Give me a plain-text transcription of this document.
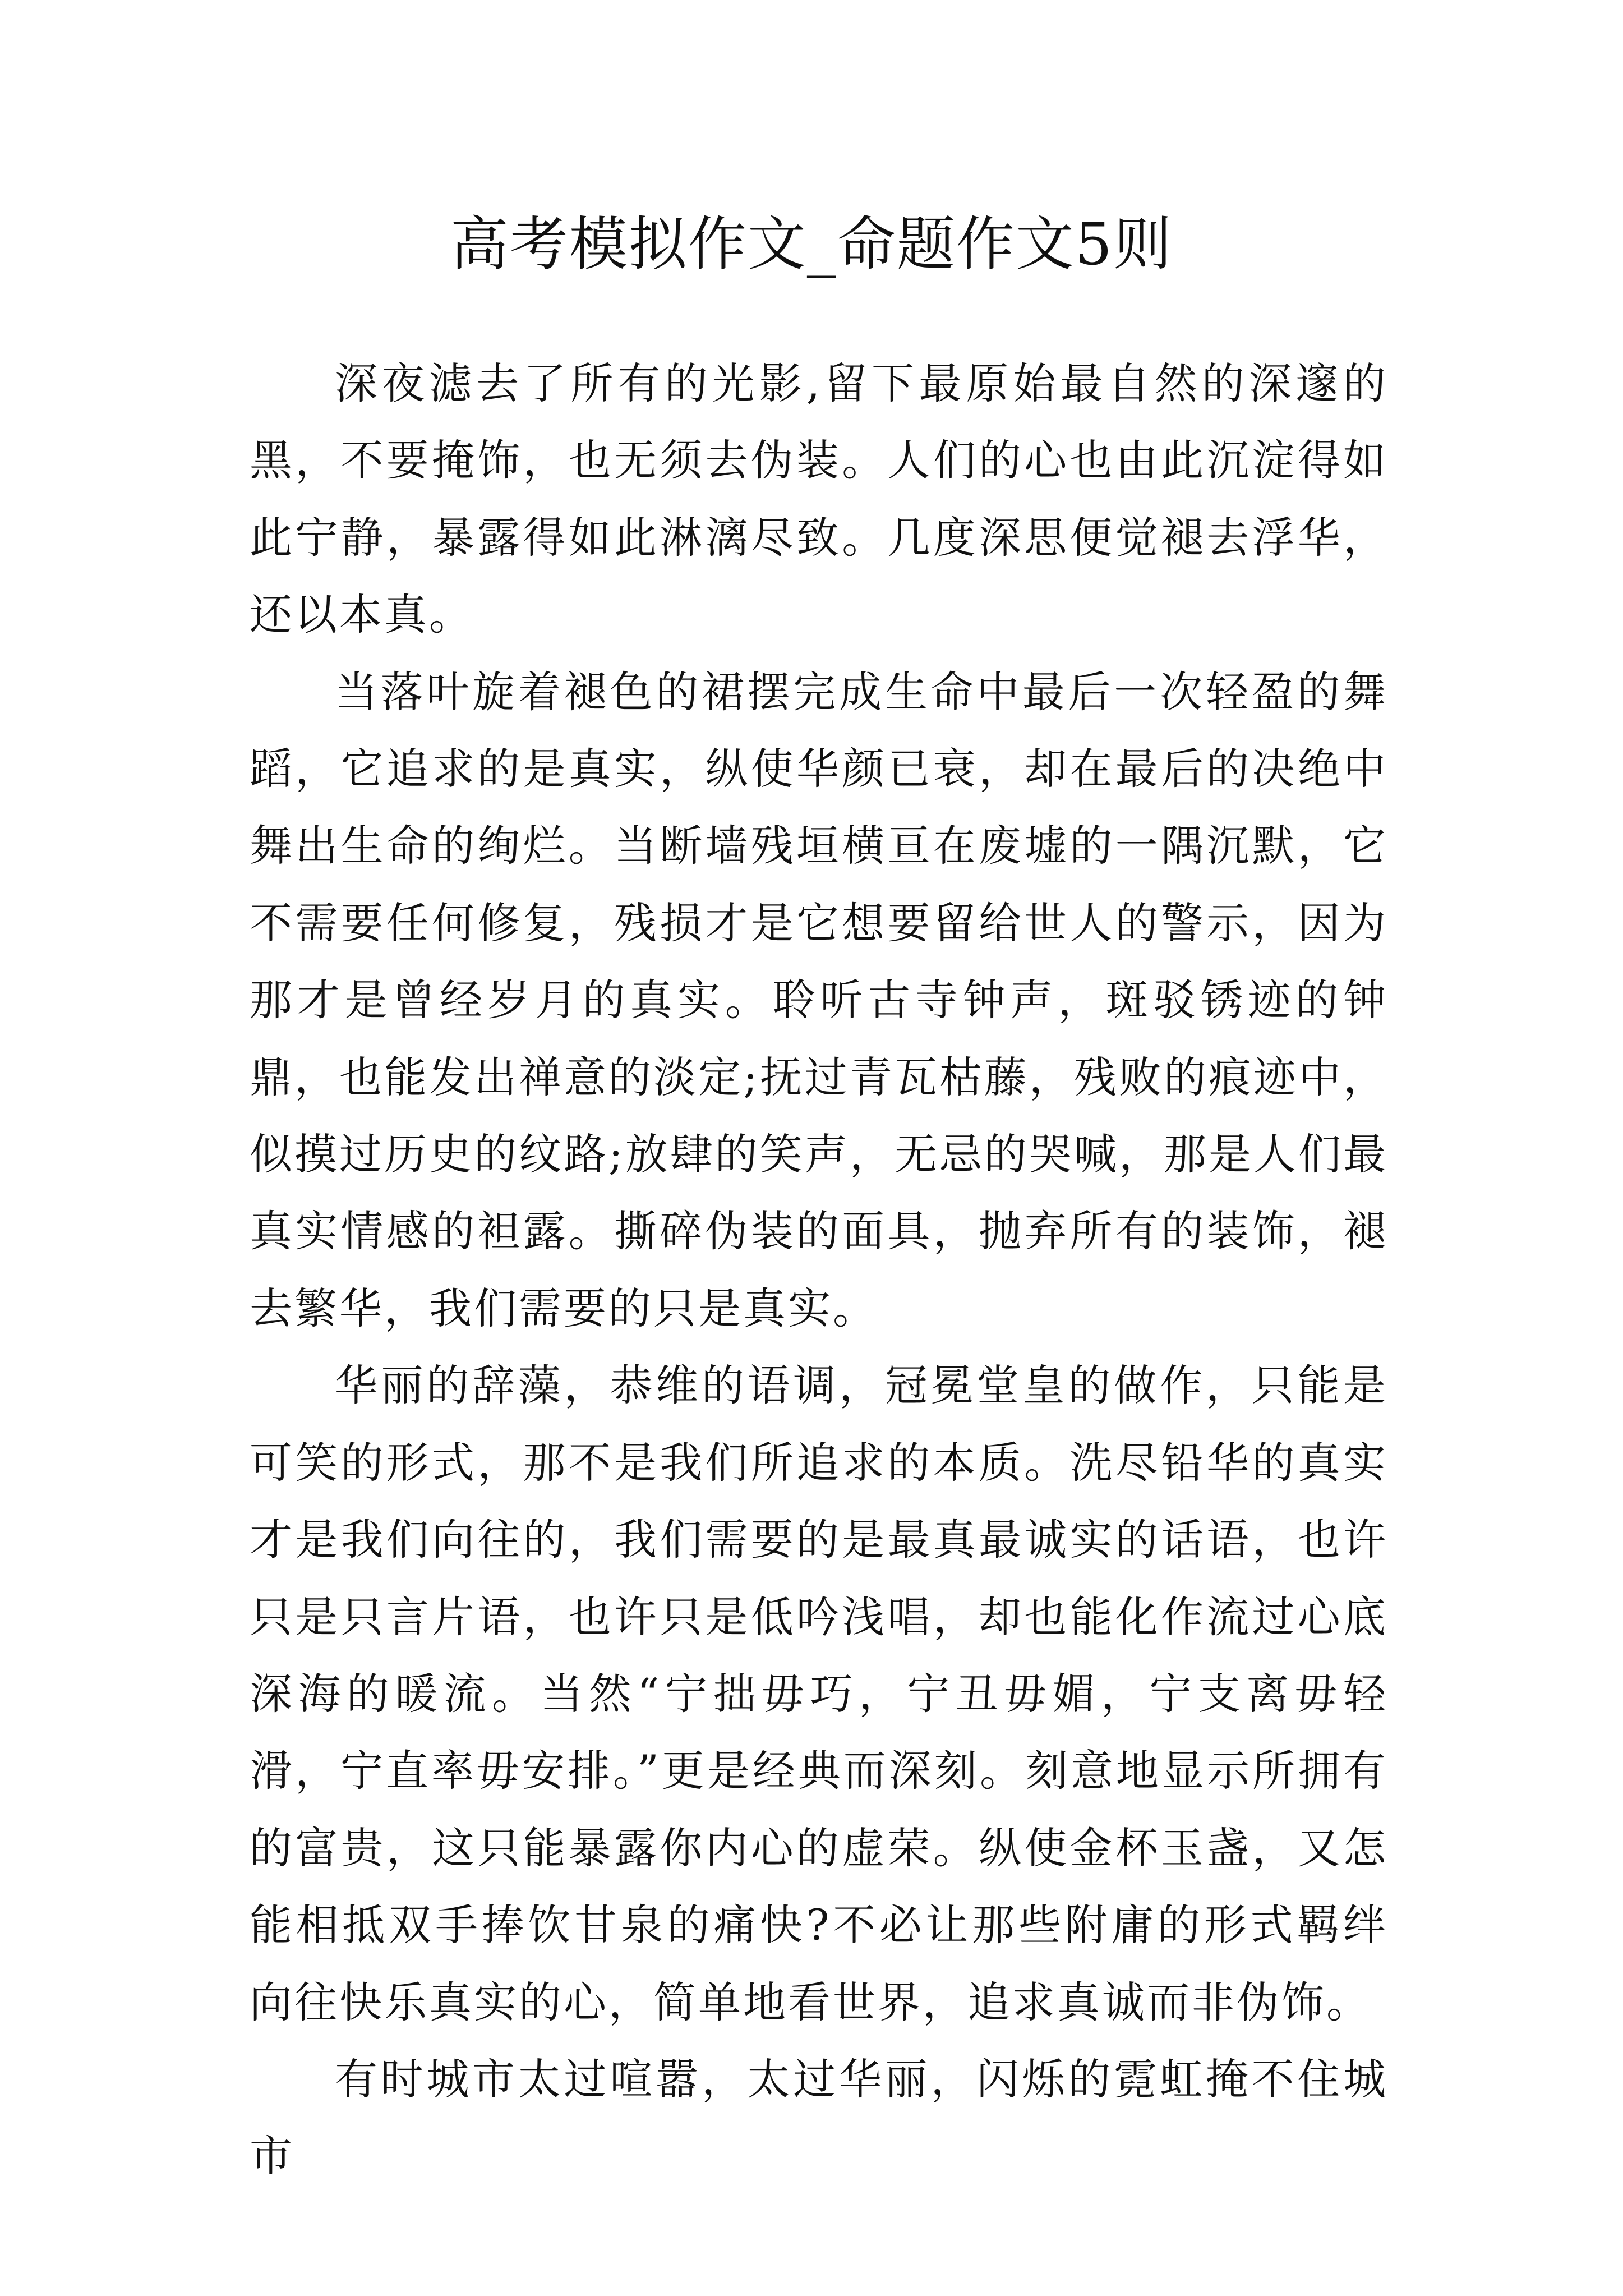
高考模拟作文_命题作文5则

深夜滤去了所有的光影,留下最原始最自然的深邃的黑，不要掩饰，也无须去伪装。人们的心也由此沉淀得如此宁静，暴露得如此淋漓尽致。几度深思便觉褪去浮华，还以本真。

当落叶旋着褪色的裙摆完成生命中最后一次轻盈的舞蹈，它追求的是真实，纵使华颜已衰，却在最后的决绝中舞出生命的绚烂。当断墙残垣横亘在废墟的一隅沉默，它不需要任何修复，残损才是它想要留给世人的警示，因为那才是曾经岁月的真实。聆听古寺钟声，斑驳锈迹的钟鼎，也能发出禅意的淡定;抚过青瓦枯藤，残败的痕迹中，似摸过历史的纹路;放肆的笑声，无忌的哭喊，那是人们最真实情感的袒露。撕碎伪装的面具，抛弃所有的装饰，褪去繁华，我们需要的只是真实。

华丽的辞藻，恭维的语调，冠冕堂皇的做作，只能是可笑的形式，那不是我们所追求的本质。洗尽铅华的真实才是我们向往的，我们需要的是最真最诚实的话语，也许只是只言片语，也许只是低吟浅唱，却也能化作流过心底深海的暖流。当然“宁拙毋巧，宁丑毋媚，宁支离毋轻滑，宁直率毋安排。”更是经典而深刻。刻意地显示所拥有的富贵，这只能暴露你内心的虚荣。纵使金杯玉盏，又怎能相抵双手捧饮甘泉的痛快?不必让那些附庸的形式羁绊向往快乐真实的心，简单地看世界，追求真诚而非伪饰。

有时城市太过喧嚣，太过华丽，闪烁的霓虹掩不住城市
